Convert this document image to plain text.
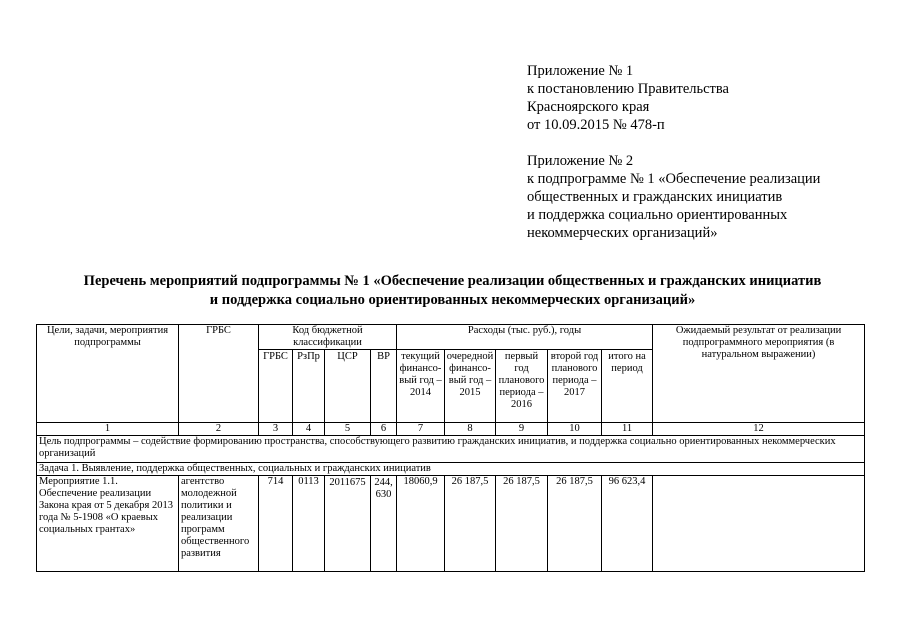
Приложение № 1
к постановлению Правительства
Красноярского края
от 10.09.2015 № 478-п
Приложение № 2
к подпрограмме № 1 «Обеспечение реализации
общественных и гражданских инициатив
и поддержка социально ориентированных
некоммерческих организаций»
Перечень мероприятий подпрограммы № 1 «Обеспечение реализации общественных и гражданских инициатив
и поддержка социально ориентированных некоммерческих организаций»
Цели, задачи, мероприятия подпрограммы	ГРБС	Код бюджетной классификации				Расходы (тыс. руб.), годы					Ожидаемый результат от реализации подпрограммного мероприятия (в натуральном выражении)
		ГРБС	РзПр	ЦСР	ВР	текущий финансо-вый год – 2014	очередной финансо-вый год – 2015	первый год планового периода – 2016	второй год планового периода – 2017	итого на период	
1	2	3	4	5	6	7	8	9	10	11	12
Цель подпрограммы – содействие формированию пространства, способствующего развитию гражданских инициатив, и поддержка социально ориентированных некоммерческих организаций											
Задача 1. Выявление, поддержка общественных, социальных и гражданских инициатив											
Мероприятие 1.1. Обеспечение реализации Закона края от 5 декабря 2013 года № 5-1908 «О краевых социальных грантах»	агентство молодежной политики и реализации программ общественного развития	714	0113	2011675	244, 630	18060,9	26 187,5	26 187,5	26 187,5	96 623,4	
